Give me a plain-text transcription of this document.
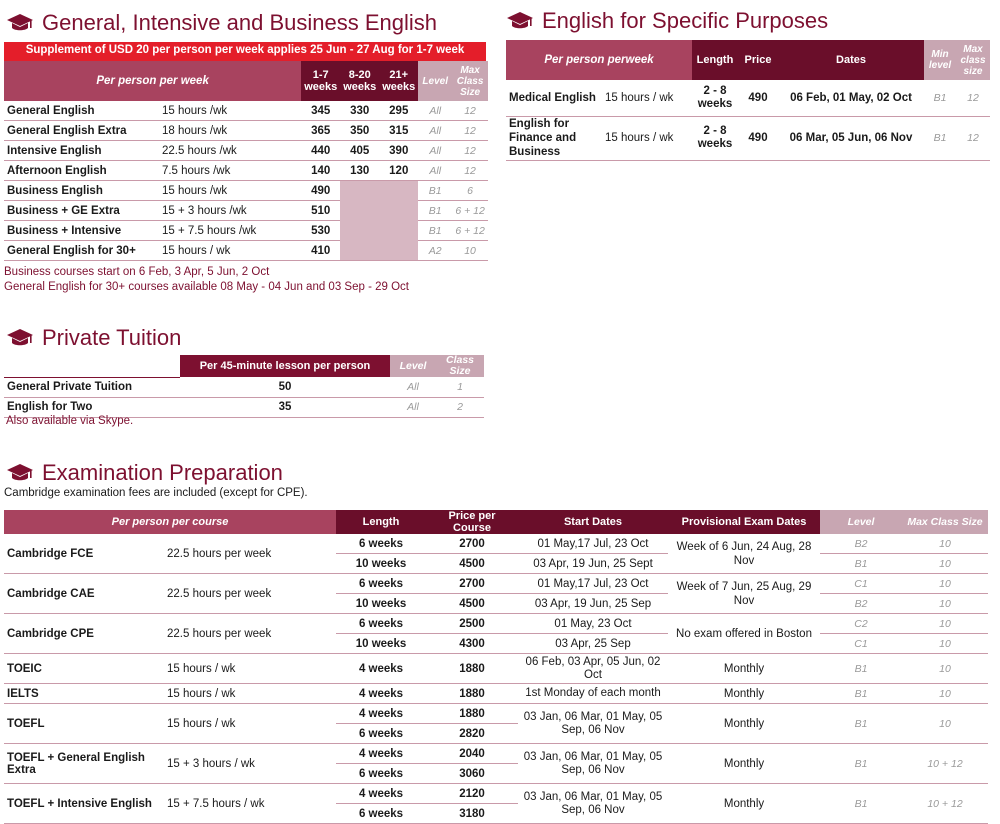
General, Intensive and Business English
Supplement of USD 20 per person per week applies 25 Jun - 27 Aug for 1-7 week
Per person per week		1-7 weeks	8-20 weeks	21+ weeks	Level	Max Class Size
General English	15 hours /wk	345	330	295	All	12
General English Extra	18 hours /wk	365	350	315	All	12
Intensive English	22.5 hours /wk	440	405	390	All	12
Afternoon English	7.5 hours /wk	140	130	120	All	12
Business English	15 hours /wk	490			B1	6
Business + GE Extra	15 + 3 hours /wk	510			B1	6 + 12
Business + Intensive	15 + 7.5 hours /wk	530			B1	6 + 12
General English for 30+	15 hours / wk	410			A2	10
Business courses start on 6 Feb, 3 Apr, 5 Jun, 2 Oct
General English for 30+ courses available 08 May - 04 Jun and 03 Sep - 29 Oct
English for Specific Purposes
Per person perweek		Length	Price	Dates	Min level	Max class size
Medical English	15 hours / wk	2 - 8 weeks	490	06 Feb, 01 May, 02 Oct	B1	12
English for Finance and Business	15 hours / wk	2 - 8 weeks	490	06 Mar, 05 Jun, 06 Nov	B1	12
Private Tuition
	Per 45-minute lesson per person	Level	Class Size
General Private Tuition	50	All	1
English for Two	35	All	2
Also available via Skype.
Examination Preparation
Cambridge examination fees are included (except for CPE).
Per person per course		Length	Price per Course	Start Dates	Provisional Exam Dates	Level	Max Class Size
Cambridge FCE	22.5 hours per week	6 weeks	2700	01 May,17 Jul, 23 Oct	Week of 6 Jun, 24 Aug, 28 Nov	B2	10
		10 weeks	4500	03 Apr, 19 Jun, 25 Sept		B1	10
Cambridge CAE	22.5 hours per week	6 weeks	2700	01 May,17 Jul, 23 Oct	Week of 7 Jun, 25 Aug, 29 Nov	C1	10
		10 weeks	4500	03 Apr, 19 Jun, 25 Sep		B2	10
Cambridge CPE	22.5 hours per week	6 weeks	2500	01 May, 23 Oct	No exam offered in Boston	C2	10
		10 weeks	4300	03 Apr, 25 Sep		C1	10
TOEIC	15 hours / wk	4 weeks	1880	06 Feb, 03 Apr, 05 Jun, 02 Oct	Monthly	B1	10
IELTS	15 hours / wk	4 weeks	1880	1st Monday of each month	Monthly	B1	10
TOEFL	15 hours / wk	4 weeks	1880	03 Jan, 06 Mar, 01 May, 05 Sep, 06 Nov	Monthly	B1	10
		6 weeks	2820				
TOEFL + General English Extra	15 + 3 hours / wk	4 weeks	2040	03 Jan, 06 Mar, 01 May, 05 Sep, 06 Nov	Monthly	B1	10 + 12
		6 weeks	3060				
TOEFL + Intensive English	15 + 7.5 hours / wk	4 weeks	2120	03 Jan, 06 Mar, 01 May, 05 Sep, 06 Nov	Monthly	B1	10 + 12
		6 weeks	3180				
